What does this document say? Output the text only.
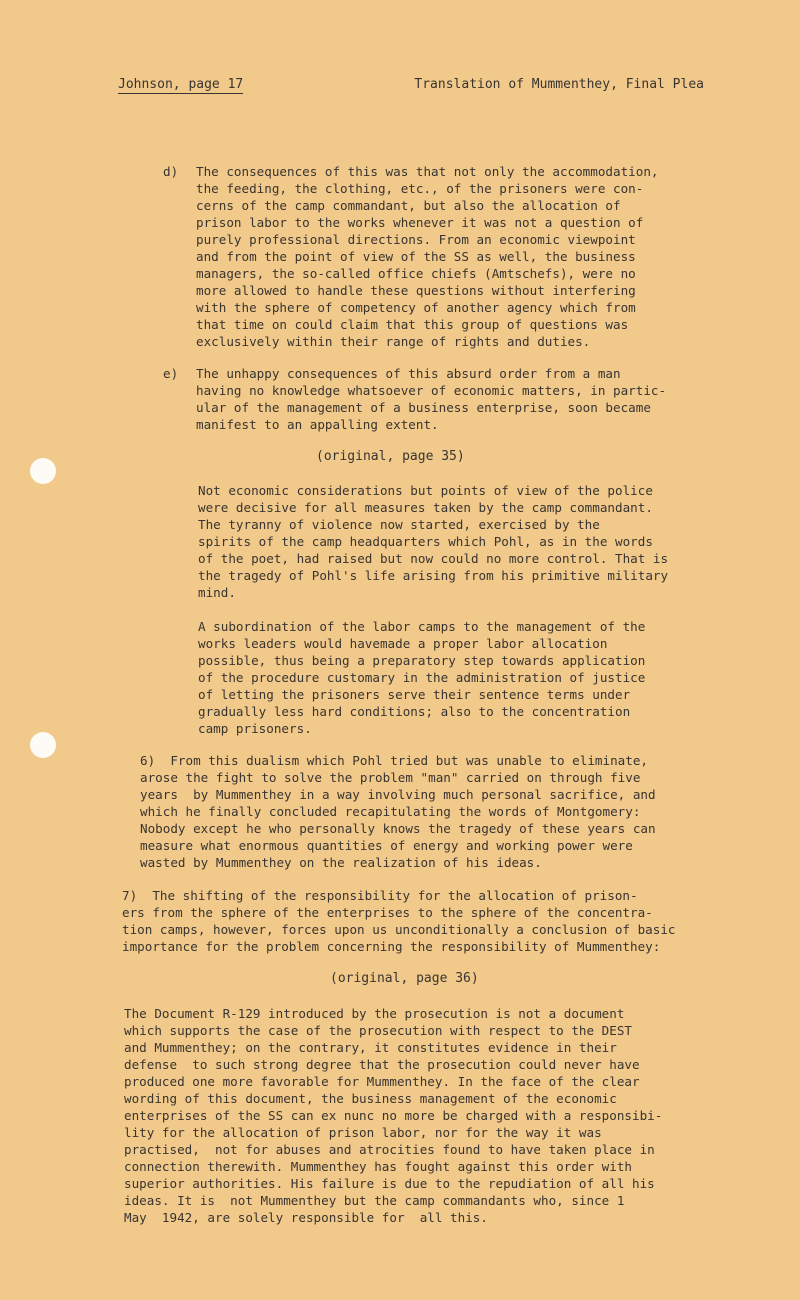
Johnson, page 17	Translation of Mummenthey, Final Plea
d) The consequences of this was that not only the accommodation,
the feeding, the clothing, etc., of the prisoners were con-
cerns of the camp commandant, but also the allocation of
prison labor to the works whenever it was not a question of
purely professional directions. From an economic viewpoint
and from the point of view of the SS as well, the business
managers, the so-called office chiefs (Amtschefs), were no
more allowed to handle these questions without interfering
with the sphere of competency of another agency which from
that time on could claim that this group of questions was
exclusively within their range of rights and duties.
e) The unhappy consequences of this absurd order from a man
having no knowledge whatsoever of economic matters, in partic-
ular of the management of a business enterprise, soon became
manifest to an appalling extent.
(original, page 35)
Not economic considerations but points of view of the police
were decisive for all measures taken by the camp commandant.
The tyranny of violence now started, exercised by the
spirits of the camp headquarters which Pohl, as in the words
of the poet, had raised but now could no more control. That is
the tragedy of Pohl's life arising from his primitive military
mind.
A subordination of the labor camps to the management of the
works leaders would havemade a proper labor allocation
possible, thus being a preparatory step towards application
of the procedure customary in the administration of justice
of letting the prisoners serve their sentence terms under
gradually less hard conditions; also to the concentration
camp prisoners.
6)  From this dualism which Pohl tried but was unable to eliminate,
arose the fight to solve the problem "man" carried on through five
years  by Mummenthey in a way involving much personal sacrifice, and
which he finally concluded recapitulating the words of Montgomery:
Nobody except he who personally knows the tragedy of these years can
measure what enormous quantities of energy and working power were
wasted by Mummenthey on the realization of his ideas.
7)  The shifting of the responsibility for the allocation of prison-
ers from the sphere of the enterprises to the sphere of the concentra-
tion camps, however, forces upon us unconditionally a conclusion of basic
importance for the problem concerning the responsibility of Mummenthey:
(original, page 36)
The Document R-129 introduced by the prosecution is not a document
which supports the case of the prosecution with respect to the DEST
and Mummenthey; on the contrary, it constitutes evidence in their
defense  to such strong degree that the prosecution could never have
produced one more favorable for Mummenthey. In the face of the clear
wording of this document, the business management of the economic
enterprises of the SS can ex nunc no more be charged with a responsibi-
lity for the allocation of prison labor, nor for the way it was
practised,  not for abuses and atrocities found to have taken place in
connection therewith. Mummenthey has fought against this order with
superior authorities. His failure is due to the repudiation of all his
ideas. It is  not Mummenthey but the camp commandants who, since 1
May  1942, are solely responsible for  all this.
